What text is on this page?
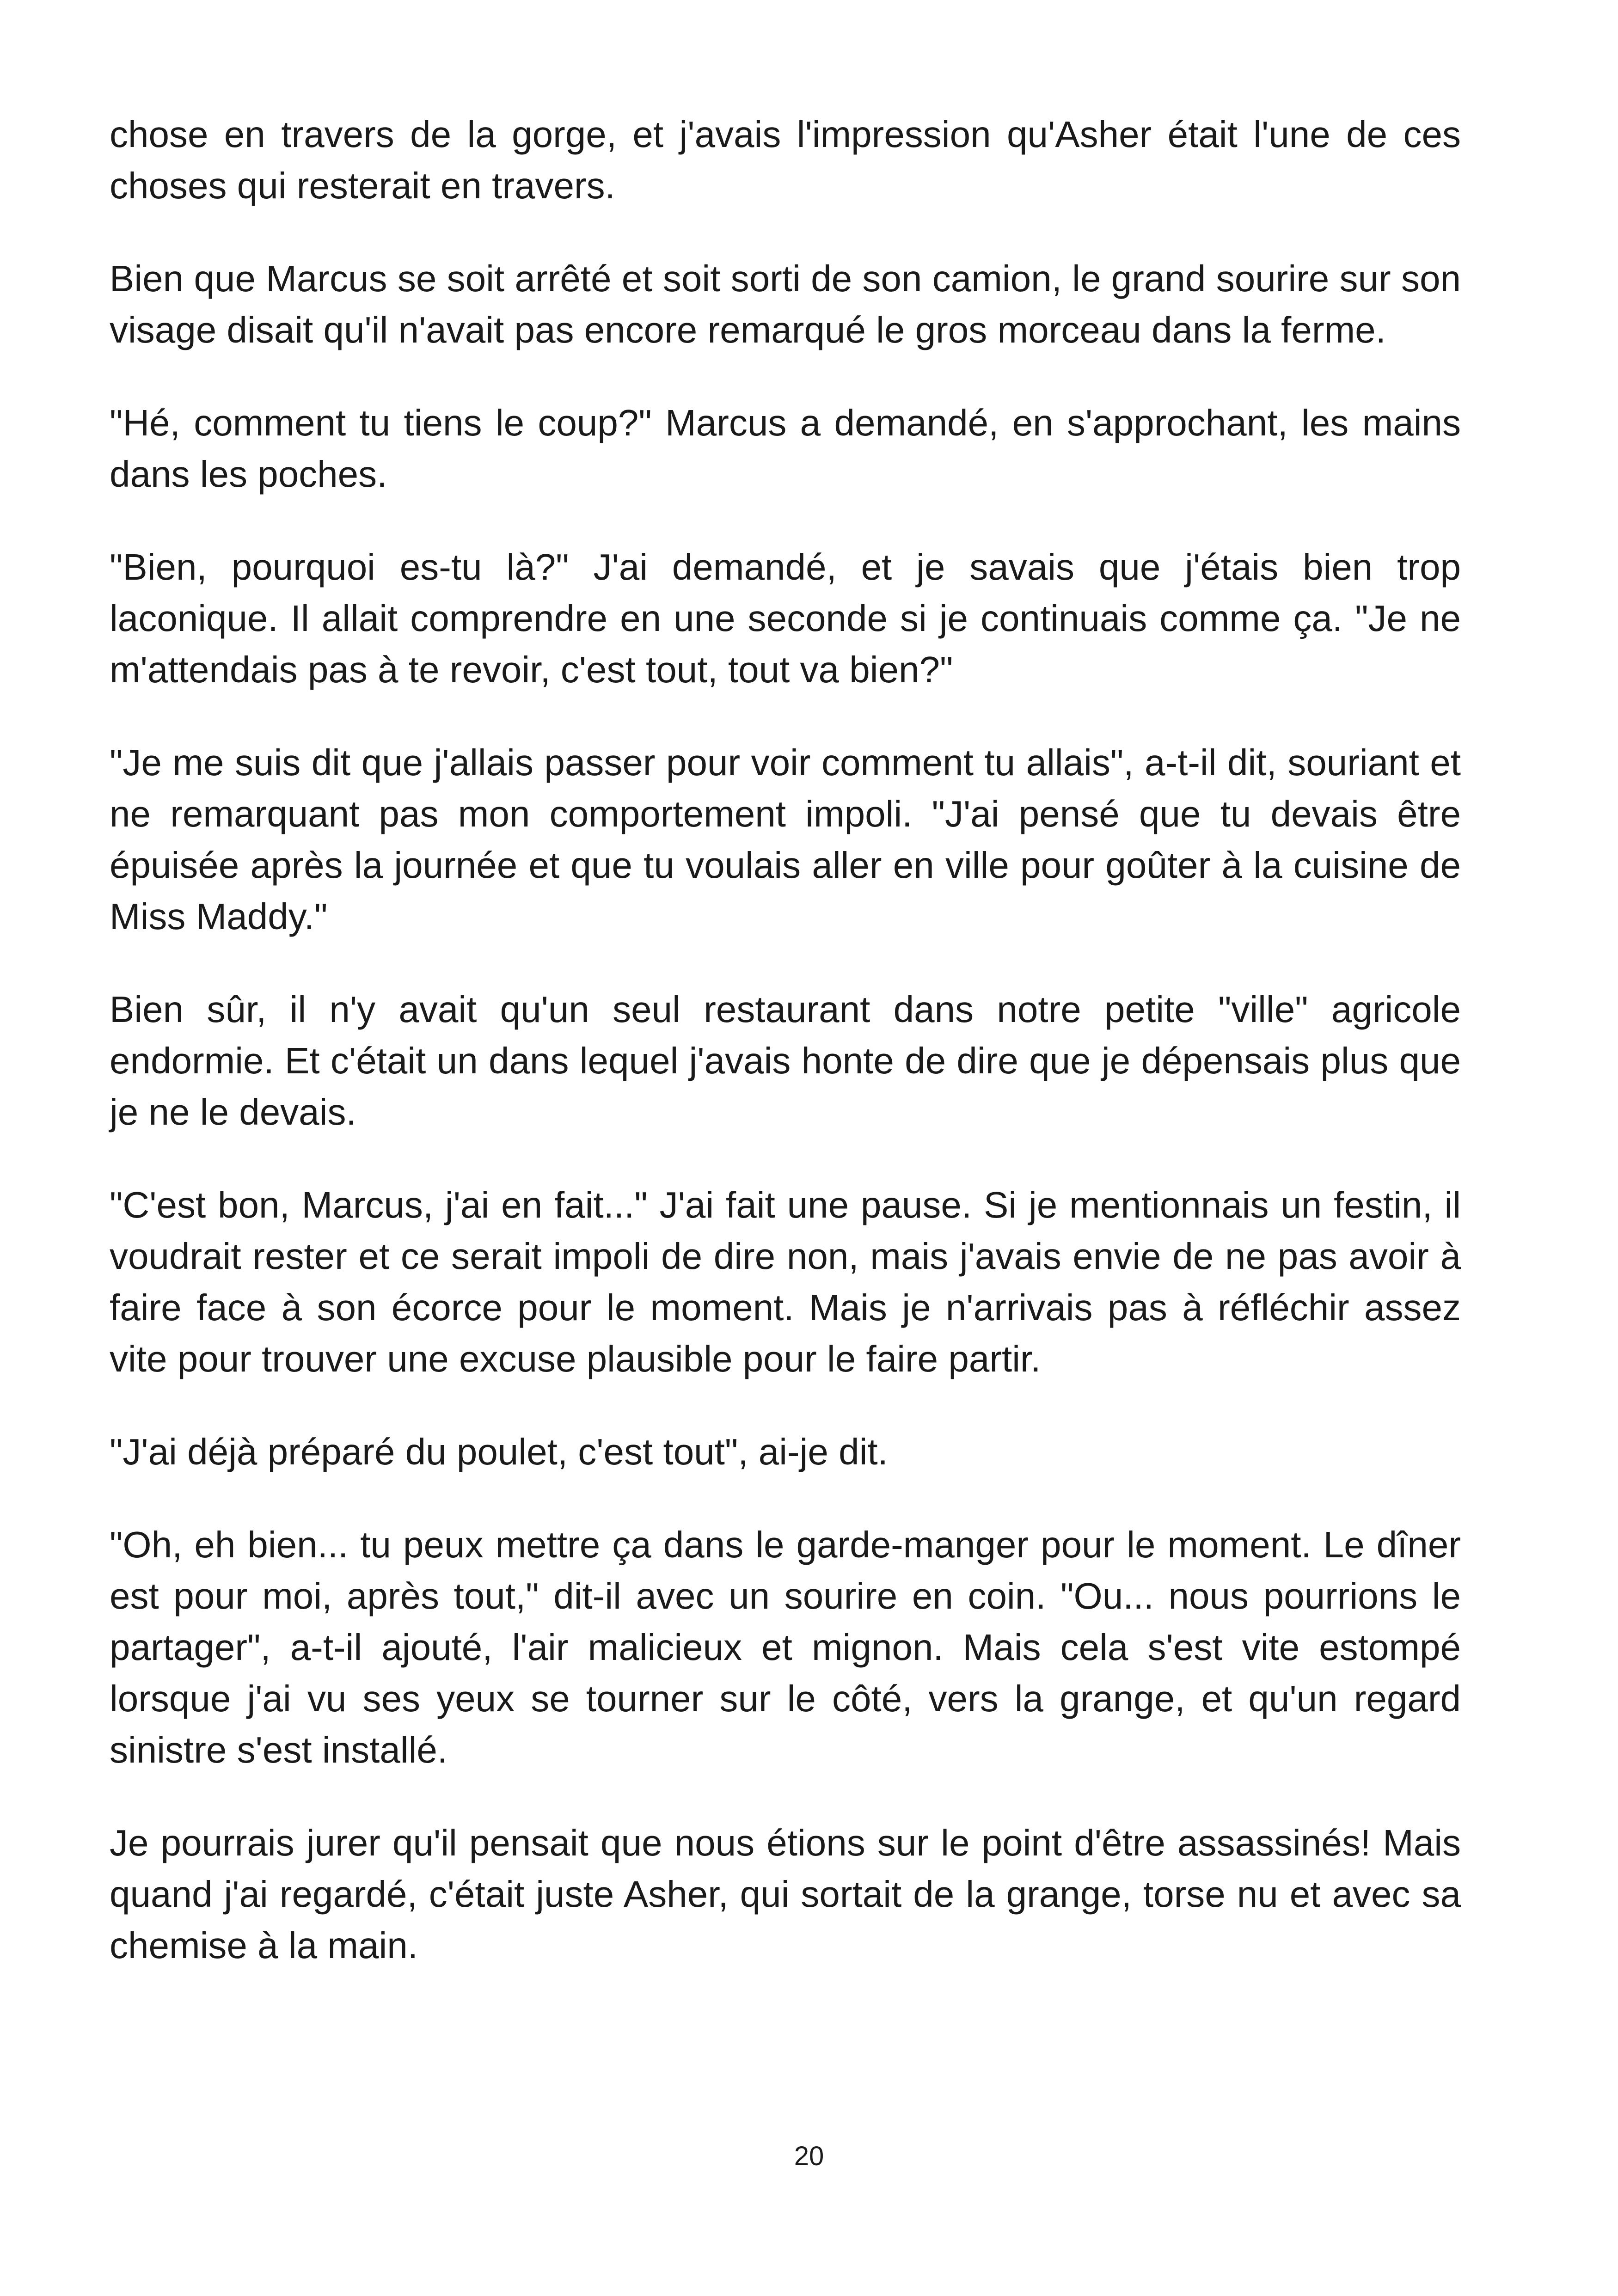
chose en travers de la gorge, et j'avais l'impression qu'Asher était l'une de ces choses qui resterait en travers.

Bien que Marcus se soit arrêté et soit sorti de son camion, le grand sourire sur son visage disait qu'il n'avait pas encore remarqué le gros morceau dans la ferme.

"Hé, comment tu tiens le coup?" Marcus a demandé, en s'approchant, les mains dans les poches.

"Bien, pourquoi es-tu là?" J'ai demandé, et je savais que j'étais bien trop laconique. Il allait comprendre en une seconde si je continuais comme ça. "Je ne m'attendais pas à te revoir, c'est tout, tout va bien?"

"Je me suis dit que j'allais passer pour voir comment tu allais", a-t-il dit, souriant et ne remarquant pas mon comportement impoli. "J'ai pensé que tu devais être épuisée après la journée et que tu voulais aller en ville pour goûter à la cuisine de Miss Maddy."

Bien sûr, il n'y avait qu'un seul restaurant dans notre petite "ville" agricole endormie. Et c'était un dans lequel j'avais honte de dire que je dépensais plus que je ne le devais.

"C'est bon, Marcus, j'ai en fait..." J'ai fait une pause. Si je mentionnais un festin, il voudrait rester et ce serait impoli de dire non, mais j'avais envie de ne pas avoir à faire face à son écorce pour le moment. Mais je n'arrivais pas à réfléchir assez vite pour trouver une excuse plausible pour le faire partir.

"J'ai déjà préparé du poulet, c'est tout", ai-je dit.

"Oh, eh bien... tu peux mettre ça dans le garde-manger pour le moment. Le dîner est pour moi, après tout," dit-il avec un sourire en coin. "Ou... nous pourrions le partager", a-t-il ajouté, l'air malicieux et mignon. Mais cela s'est vite estompé lorsque j'ai vu ses yeux se tourner sur le côté, vers la grange, et qu'un regard sinistre s'est installé.

Je pourrais jurer qu'il pensait que nous étions sur le point d'être assassinés! Mais quand j'ai regardé, c'était juste Asher, qui sortait de la grange, torse nu et avec sa chemise à la main.

20
